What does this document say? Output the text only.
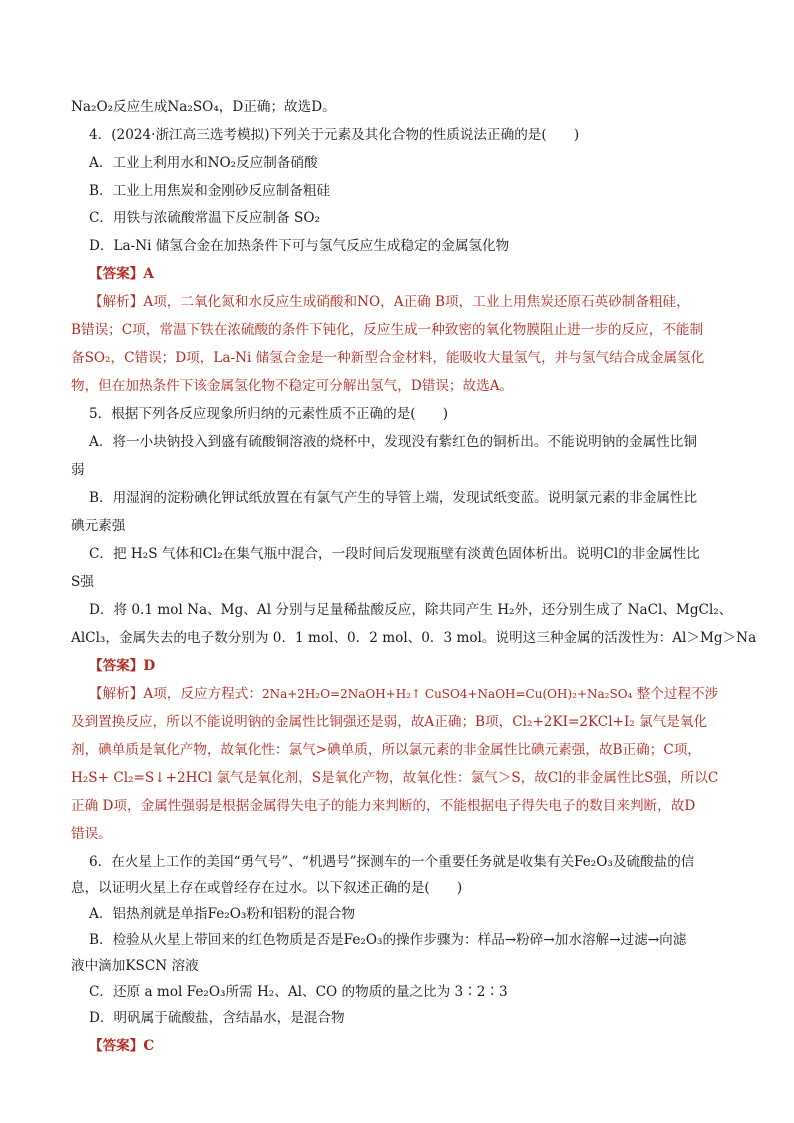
Na₂O₂反应生成Na₂SO₄，D正确；故选D。
4．(2024·浙江高三选考模拟)下列关于元素及其化合物的性质说法正确的是(　　)
A．工业上利用水和NO₂反应制备硝酸
B．工业上用焦炭和金刚砂反应制备粗硅
C．用铁与浓硫酸常温下反应制备 SO₂
D．La-Ni 储氢合金在加热条件下可与氢气反应生成稳定的金属氢化物
【答案】A
【解析】A项，二氧化氮和水反应生成硝酸和NO，A正确 B项，工业上用焦炭还原石英砂制备粗硅，
B错误；C项，常温下铁在浓硫酸的条件下钝化，反应生成一种致密的氧化物膜阻止进一步的反应，不能制
备SO₂，C错误；D项，La-Ni 储氢合金是一种新型合金材料，能吸收大量氢气，并与氢气结合成金属氢化
物，但在加热条件下该金属氢化物不稳定可分解出氢气，D错误；故选A。
5．根据下列各反应现象所归纳的元素性质不正确的是(　　)
A．将一小块钠投入到盛有硫酸铜溶液的烧杯中，发现没有紫红色的铜析出。不能说明钠的金属性比铜
弱
B．用湿润的淀粉碘化钾试纸放置在有氯气产生的导管上端，发现试纸变蓝。说明氯元素的非金属性比
碘元素强
C．把 H₂S 气体和Cl₂在集气瓶中混合，一段时间后发现瓶壁有淡黄色固体析出。说明Cl的非金属性比
S强
D．将 0.1 mol Na、Mg、Al 分别与足量稀盐酸反应，除共同产生 H₂外，还分别生成了 NaCl、MgCl₂、
AlCl₃，金属失去的电子数分别为 0．1 mol、0．2 mol、0．3 mol。说明这三种金属的活泼性为：Al＞Mg＞Na
【答案】D
【解析】A项，反应方程式：2Na+2H₂O=2NaOH+H₂↑ CuSO4+NaOH=Cu(OH)₂+Na₂SO₄ 整个过程不涉
及到置换反应，所以不能说明钠的金属性比铜强还是弱，故A正确；B项，Cl₂+2KI=2KCl+I₂ 氯气是氧化
剂，碘单质是氧化产物，故氧化性：氯气>碘单质，所以氯元素的非金属性比碘元素强，故B正确；C项，
H₂S+ Cl₂=S↓+2HCl 氯气是氧化剂，S是氧化产物，故氧化性：氯气＞S，故Cl的非金属性比S强，所以C
正确 D项，金属性强弱是根据金属得失电子的能力来判断的，不能根据电子得失电子的数目来判断，故D
错误。
6．在火星上工作的美国“勇气号”、“机遇号”探测车的一个重要任务就是收集有关Fe₂O₃及硫酸盐的信
息，以证明火星上存在或曾经存在过水。以下叙述正确的是(　　)
A．铝热剂就是单指Fe₂O₃粉和铝粉的混合物
B．检验从火星上带回来的红色物质是否是Fe₂O₃的操作步骤为：样品→粉碎→加水溶解→过滤→向滤
液中滴加KSCN 溶液
C．还原 a mol Fe₂O₃所需 H₂、Al、CO 的物质的量之比为 3∶2∶3
D．明矾属于硫酸盐，含结晶水，是混合物
【答案】C
